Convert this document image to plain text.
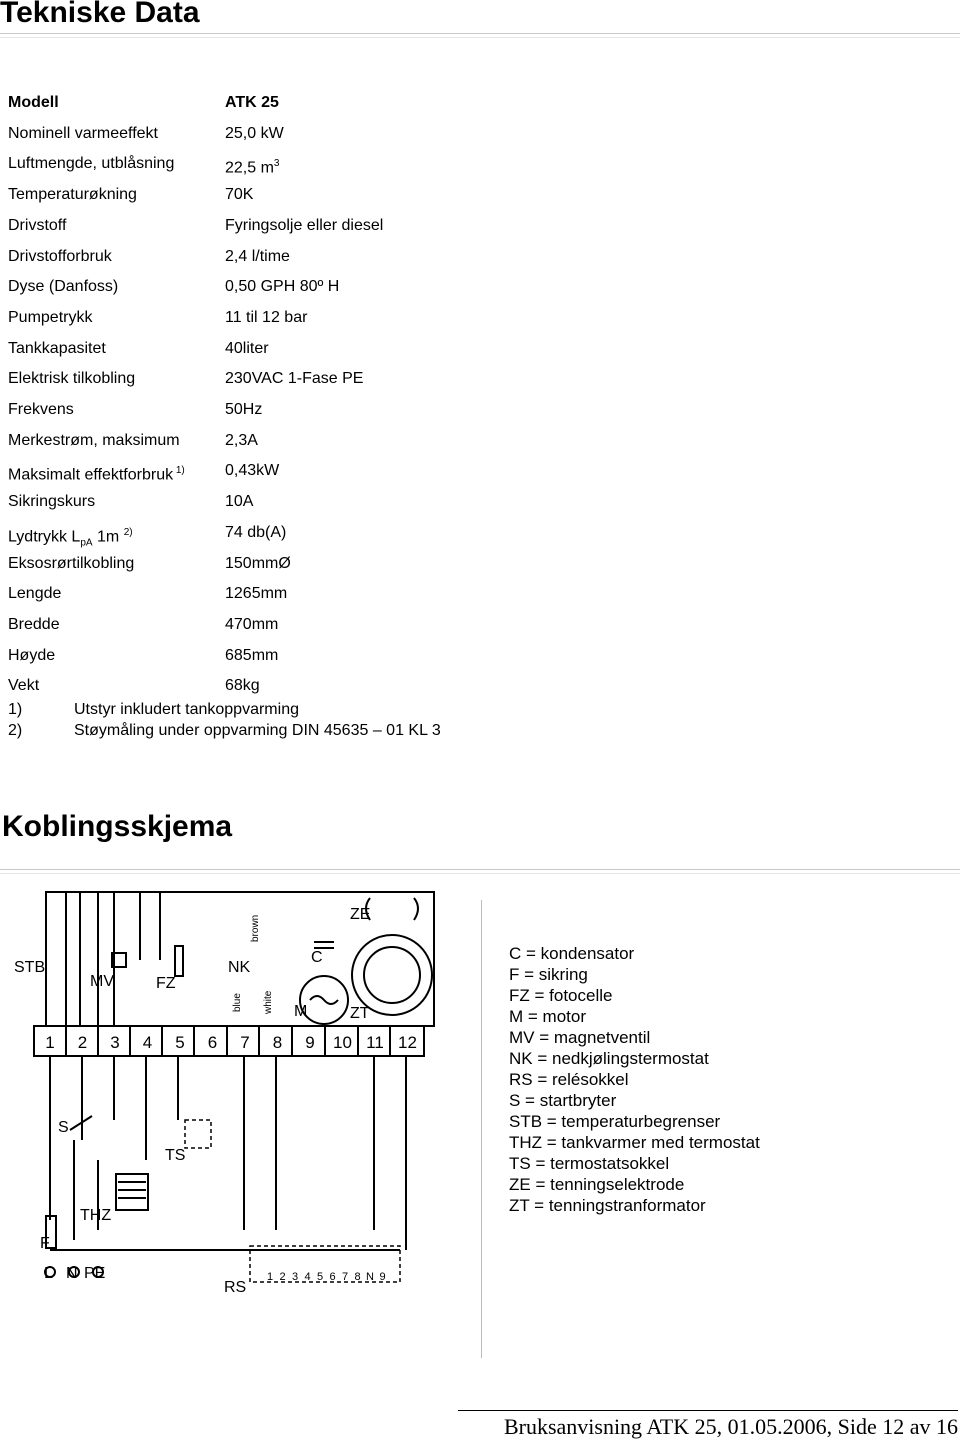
Tekniske Data
Modell	ATK 25
Nominell varmeeffekt	25,0 kW
Luftmengde, utblåsning	22,5 $m^3$
Temperaturøkning	70K
Drivstoff	Fyringsolje eller diesel
Drivstofforbruk	2,4 l/time
Dyse (Danfoss)	0,50 GPH 80º H
Pumpetrykk	11 til 12 bar
Tankkapasitet	40liter
Elektrisk tilkobling	230VAC 1-Fase PE
Frekvens	50Hz
Merkestrøm, maksimum	2,3A
Maksimalt effektforbruk $^{1)}$	0,43kW
Sikringskurs	10A
Lydtrykk $L_{pA}$ 1m $^{2)}$	74 db(A)
Eksosrørtilkobling	150mmØ
Lengde	1265mm
Bredde	470mm
Høyde	685mm
Vekt	68kg
1)	Utstyr inkludert tankoppvarming
2)	Støymåling under oppvarming DIN 45635 – 01 KL 3
Koblingsskjema
1 2 3 4 5 6 7 8 9 10 11 12
1 2 3 4 5 6 7 8 N 9
STB
MV	FZ
NK
C
M
ZE
ZT
S
TS
THZ
F
L N PE
RS
brown
blue white
C = kondensator
F = sikring
FZ = fotocelle
M = motor
MV = magnetventil
NK = nedkjølingstermostat
RS = relésokkel
S = startbryter
STB = temperaturbegrenser
THZ = tankvarmer med termostat
TS = termostatsokkel
ZE = tenningselektrode
ZT = tenningstranformator
Bruksanvisning ATK 25, 01.05.2006, Side 12 av 16
